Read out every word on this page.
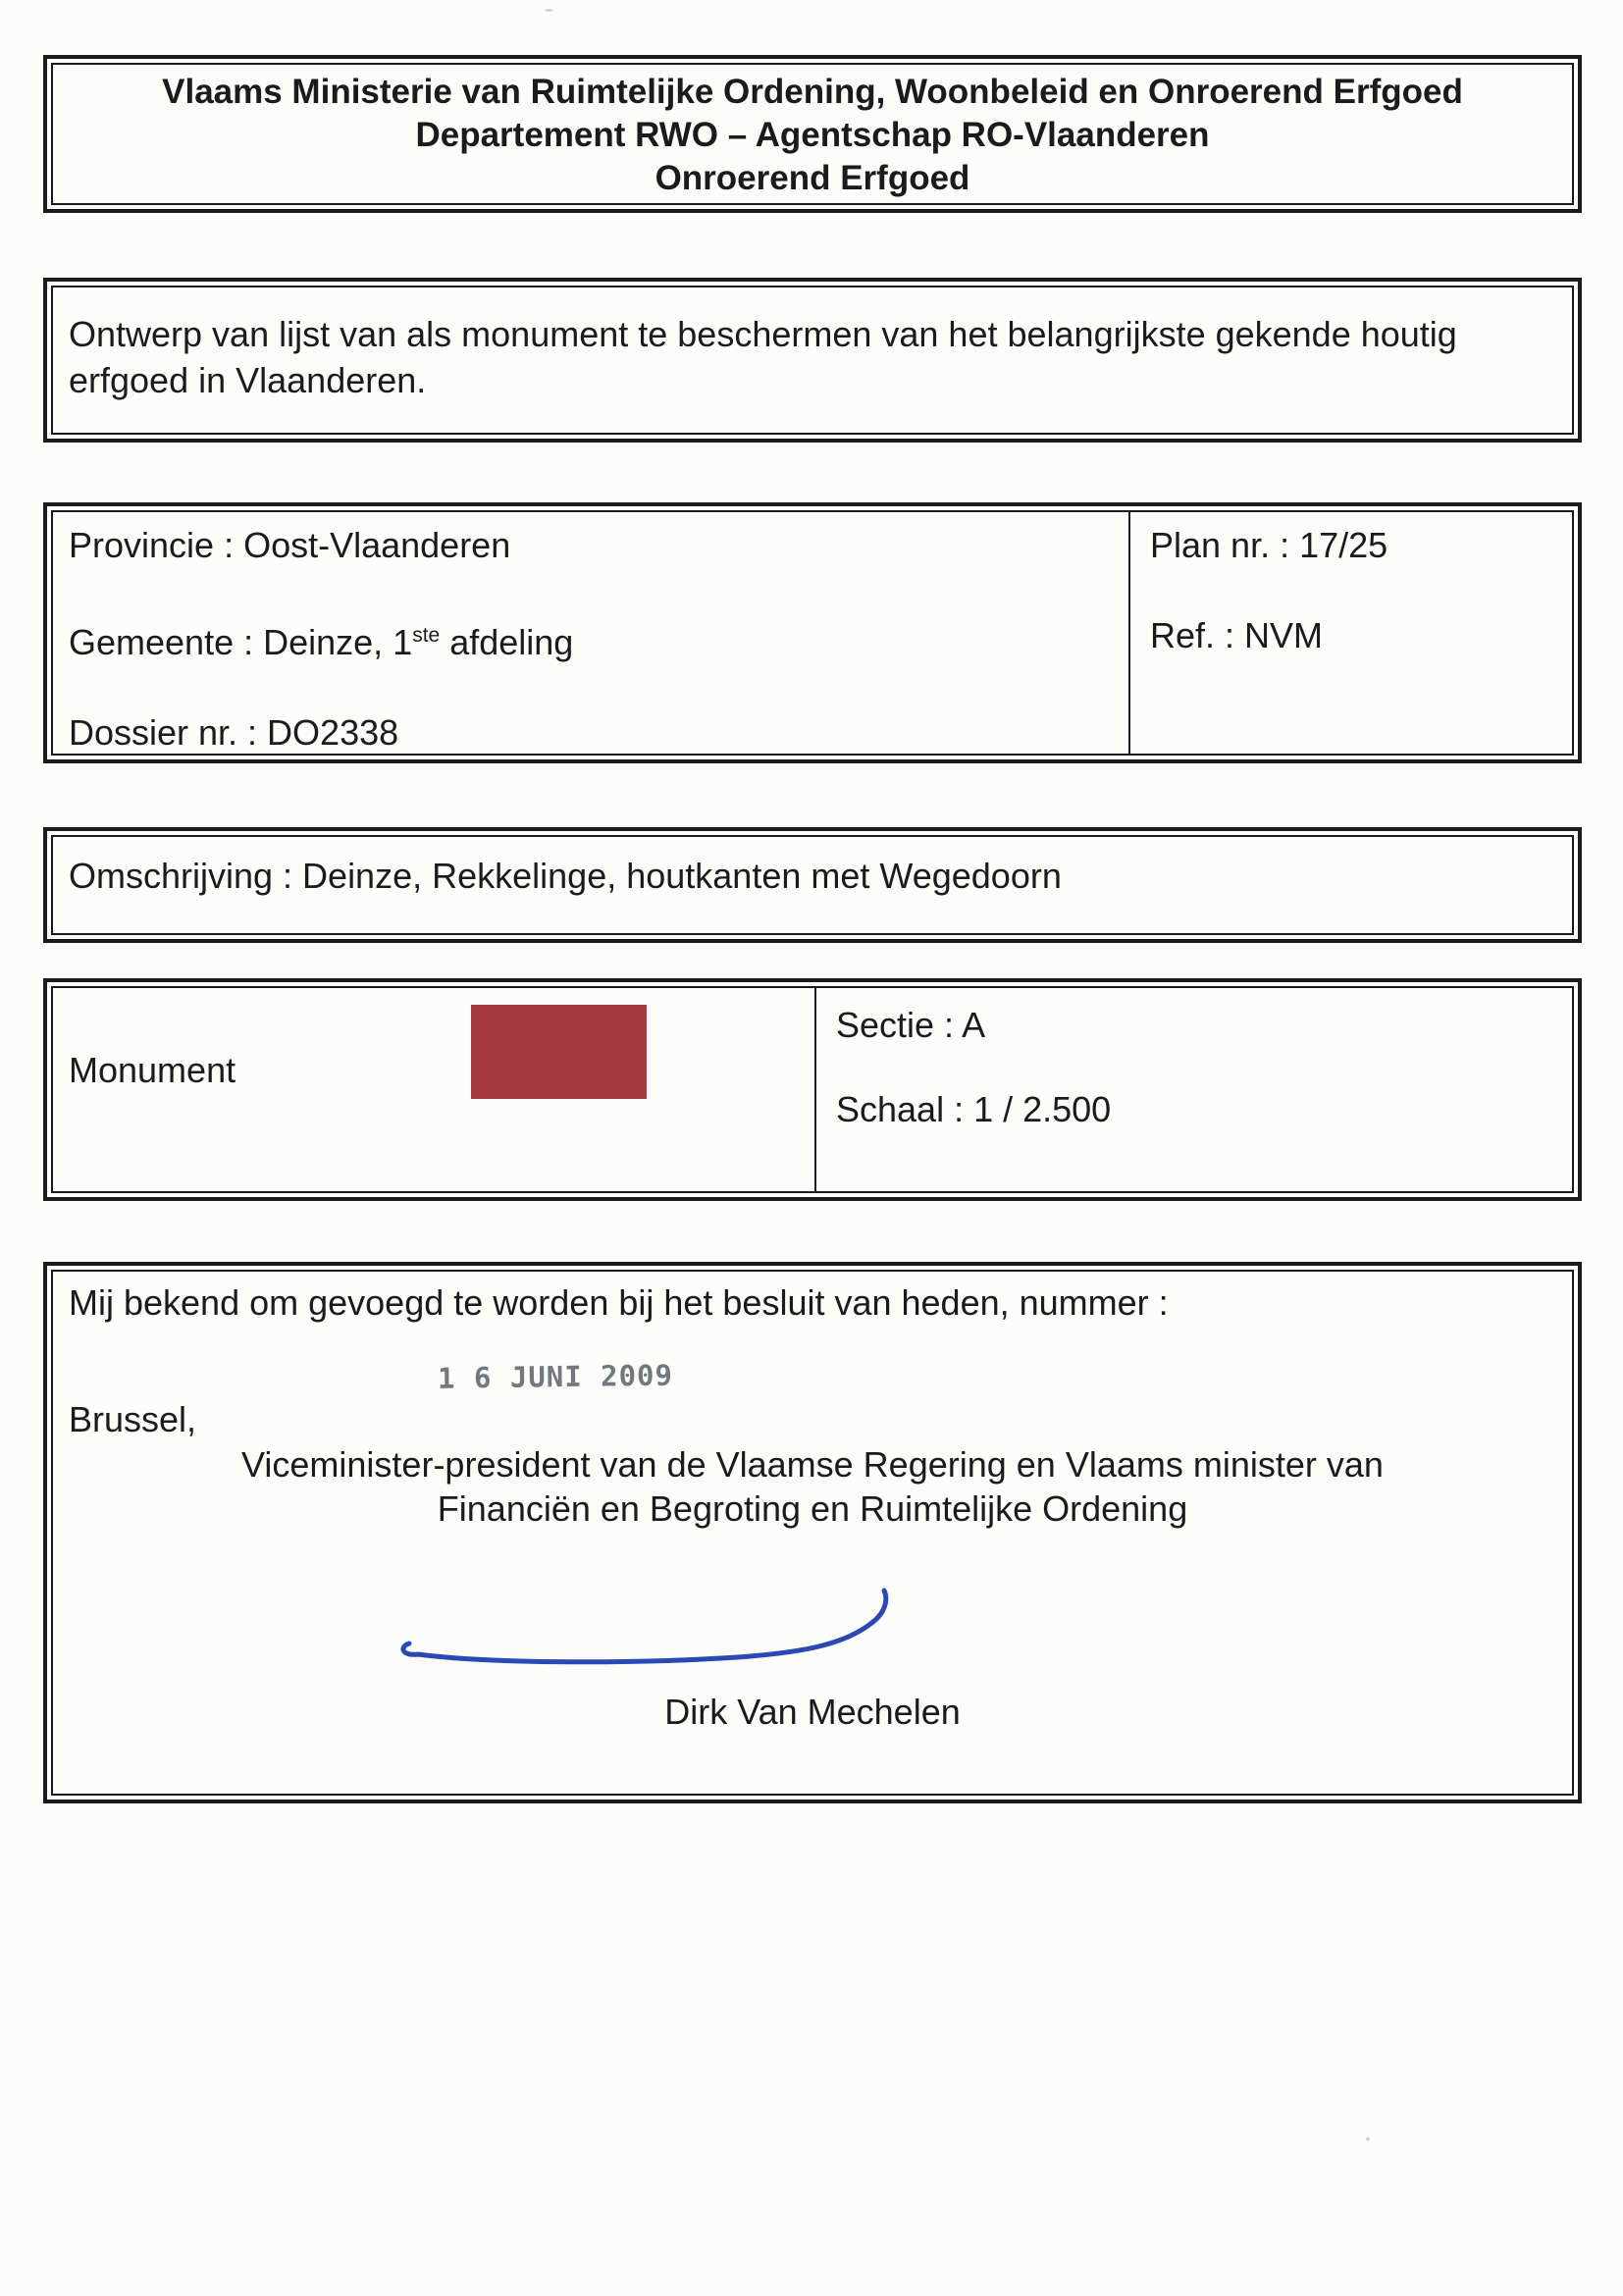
Vlaams Ministerie van Ruimtelijke Ordening, Woonbeleid en Onroerend Erfgoed
Departement RWO – Agentschap RO-Vlaanderen
Onroerend Erfgoed
Ontwerp van lijst van als monument te beschermen van het belangrijkste gekende houtig erfgoed in Vlaanderen.
Provincie : Oost-Vlaanderen
Gemeente : Deinze, 1ste afdeling
Dossier nr. : DO2338
Plan nr. : 17/25
Ref. : NVM
Omschrijving : Deinze, Rekkelinge, houtkanten met Wegedoorn
Monument
Sectie : A
Schaal : 1 / 2.500
Mij bekend om gevoegd te worden bij het besluit van heden, nummer :
1 6 JUNI 2009
Brussel,
Viceminister-president van de Vlaamse Regering en Vlaams minister van
Financiën en Begroting en Ruimtelijke Ordening
Dirk Van Mechelen
